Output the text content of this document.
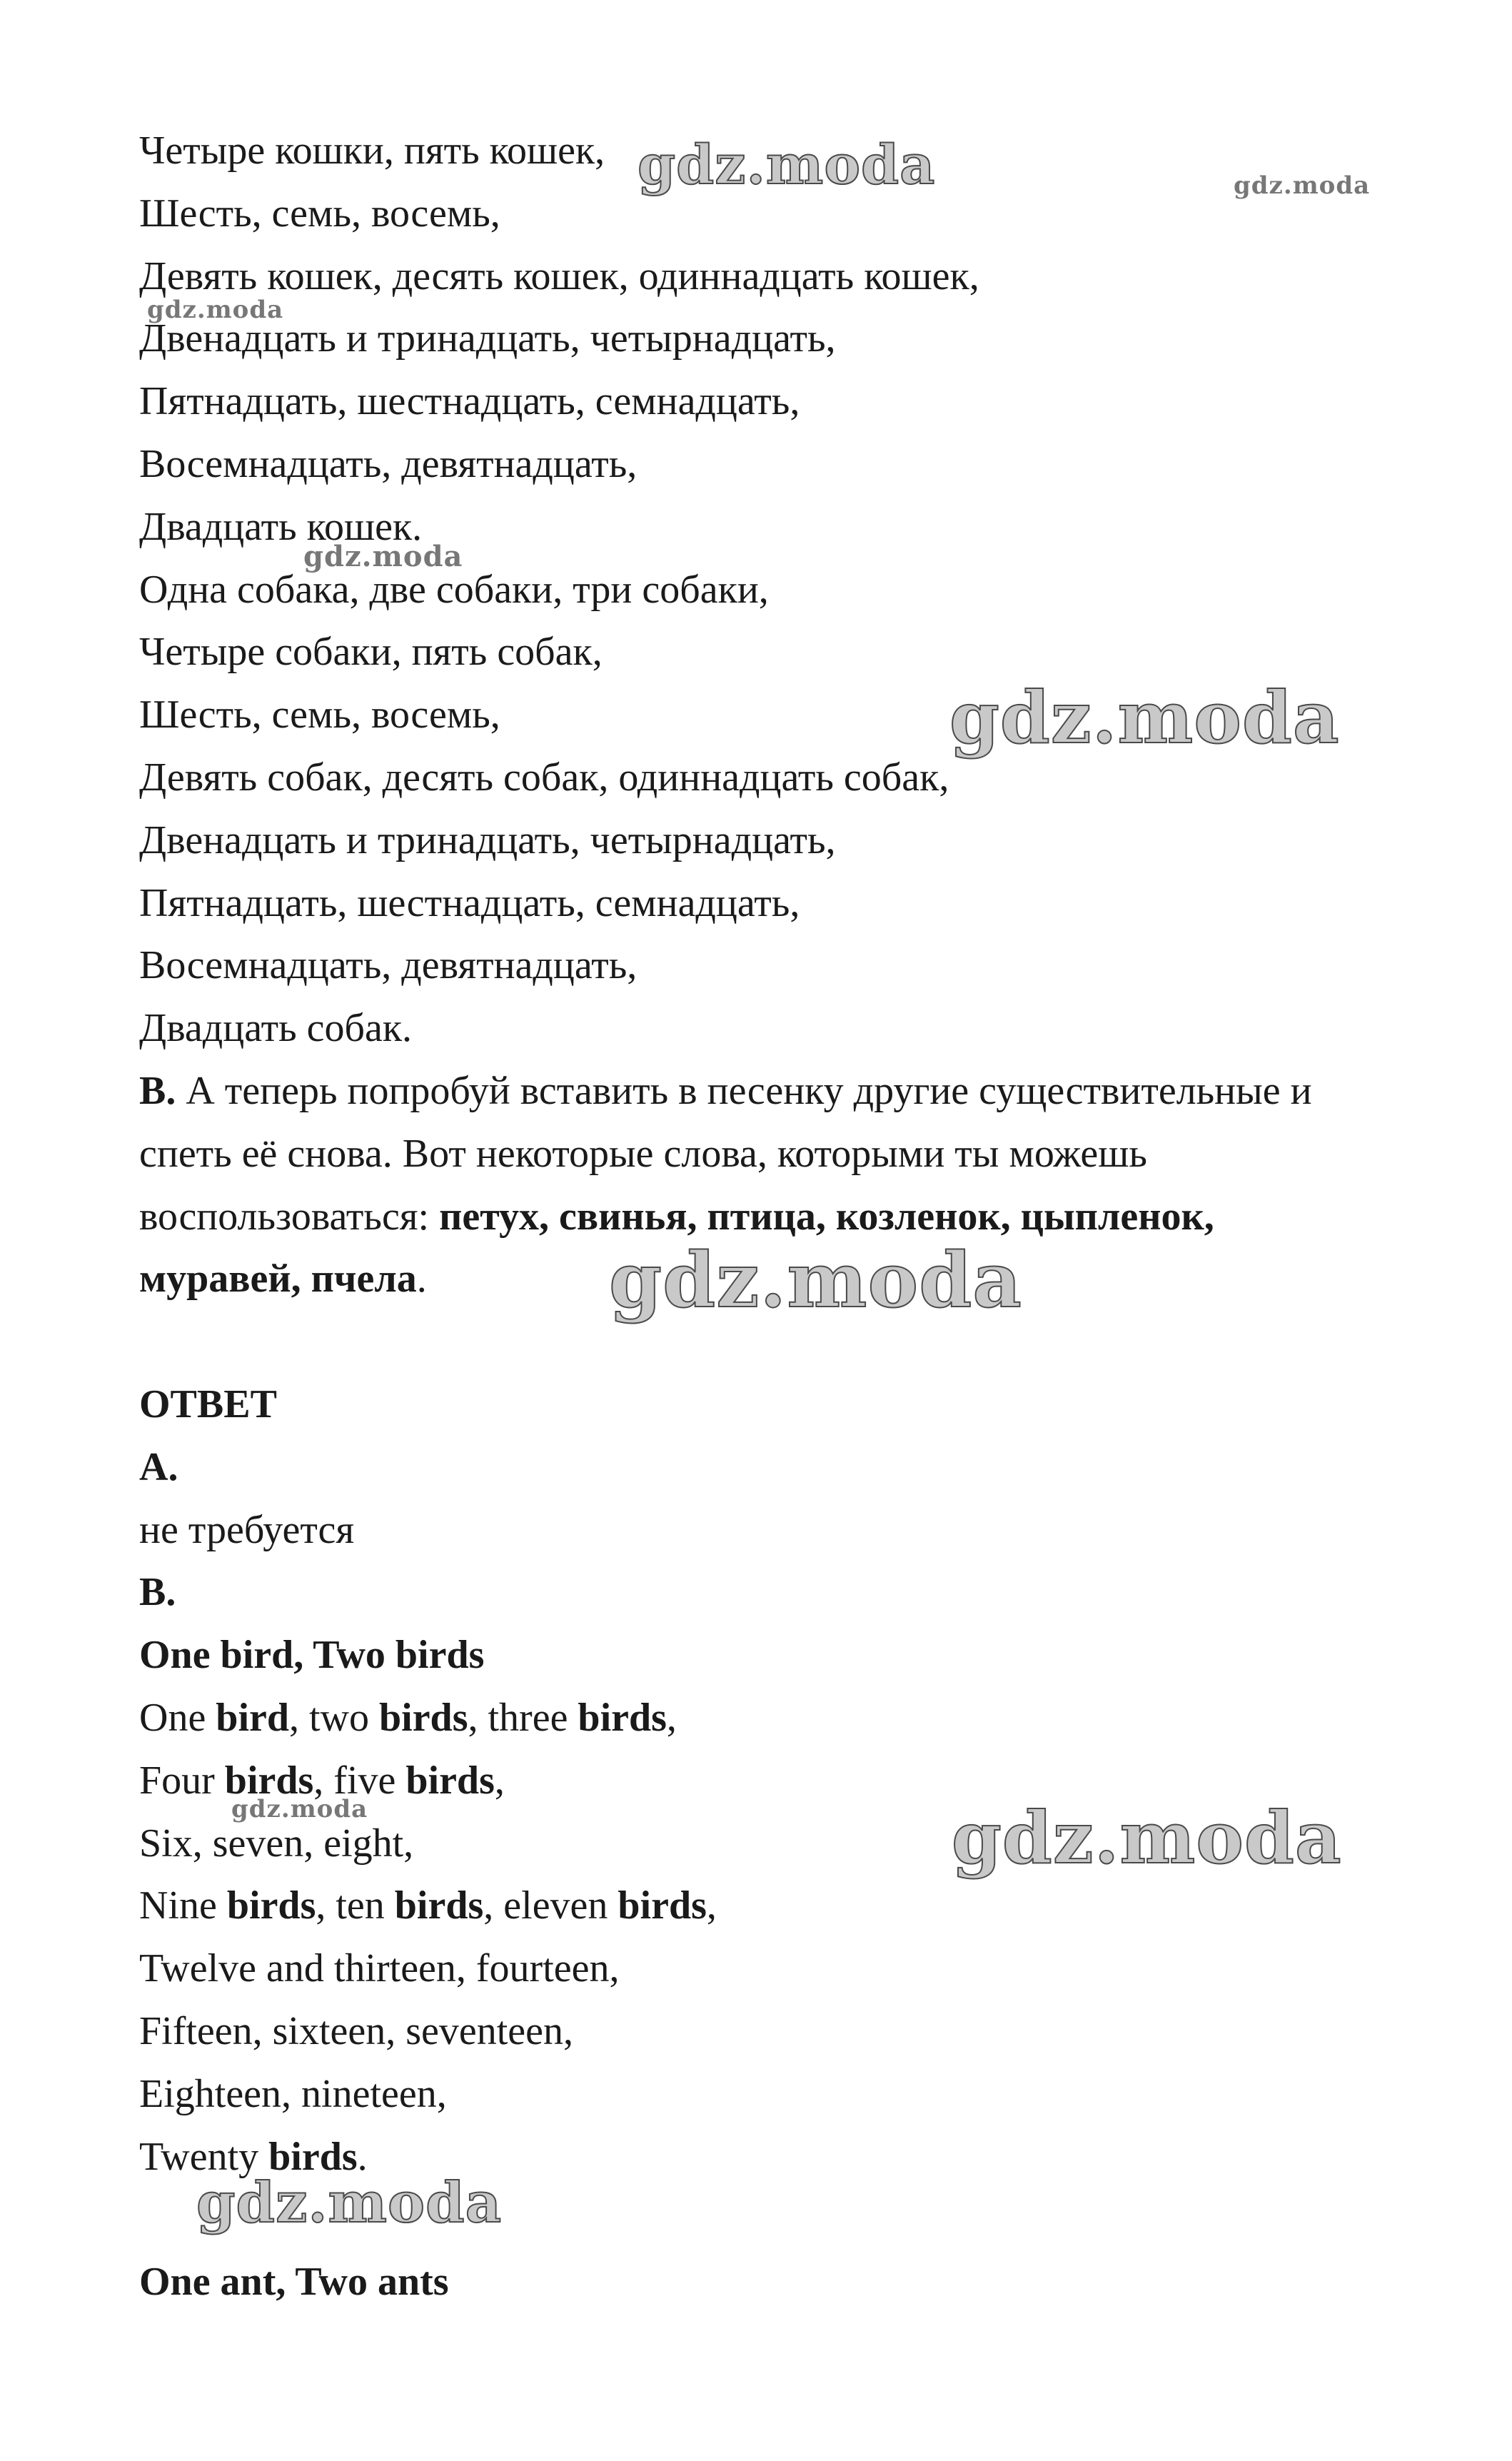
Четыре кошки, пять кошек,
Шесть, семь, восемь,
Девять кошек, десять кошек, одиннадцать кошек,
Двенадцать и тринадцать, четырнадцать,
Пятнадцать, шестнадцать, семнадцать,
Восемнадцать, девятнадцать,
Двадцать кошек.
Одна собака, две собаки, три собаки,
Четыре собаки, пять собак,
Шесть, семь, восемь,
Девять собак, десять собак, одиннадцать собак,
Двенадцать и тринадцать, четырнадцать,
Пятнадцать, шестнадцать, семнадцать,
Восемнадцать, девятнадцать,
Двадцать собак.
B. А теперь попробуй вставить в песенку другие существительные и
спеть её снова. Вот некоторые слова, которыми ты можешь
воспользоваться: петух, свинья, птица, козленок, цыпленок,
муравей, пчела.
ОТВЕТ
A.
не требуется
B.
One bird, Two birds
One bird, two birds, three birds,
Four birds, five birds,
Six, seven, eight,
Nine birds, ten birds, eleven birds,
Twelve and thirteen, fourteen,
Fifteen, sixteen, seventeen,
Eighteen, nineteen,
Twenty birds.
One ant, Two ants
gdz.moda	gdz.moda
gdz.moda
gdz.moda
gdz.moda
gdz.moda
gdz.moda	gdz.moda
gdz.moda
